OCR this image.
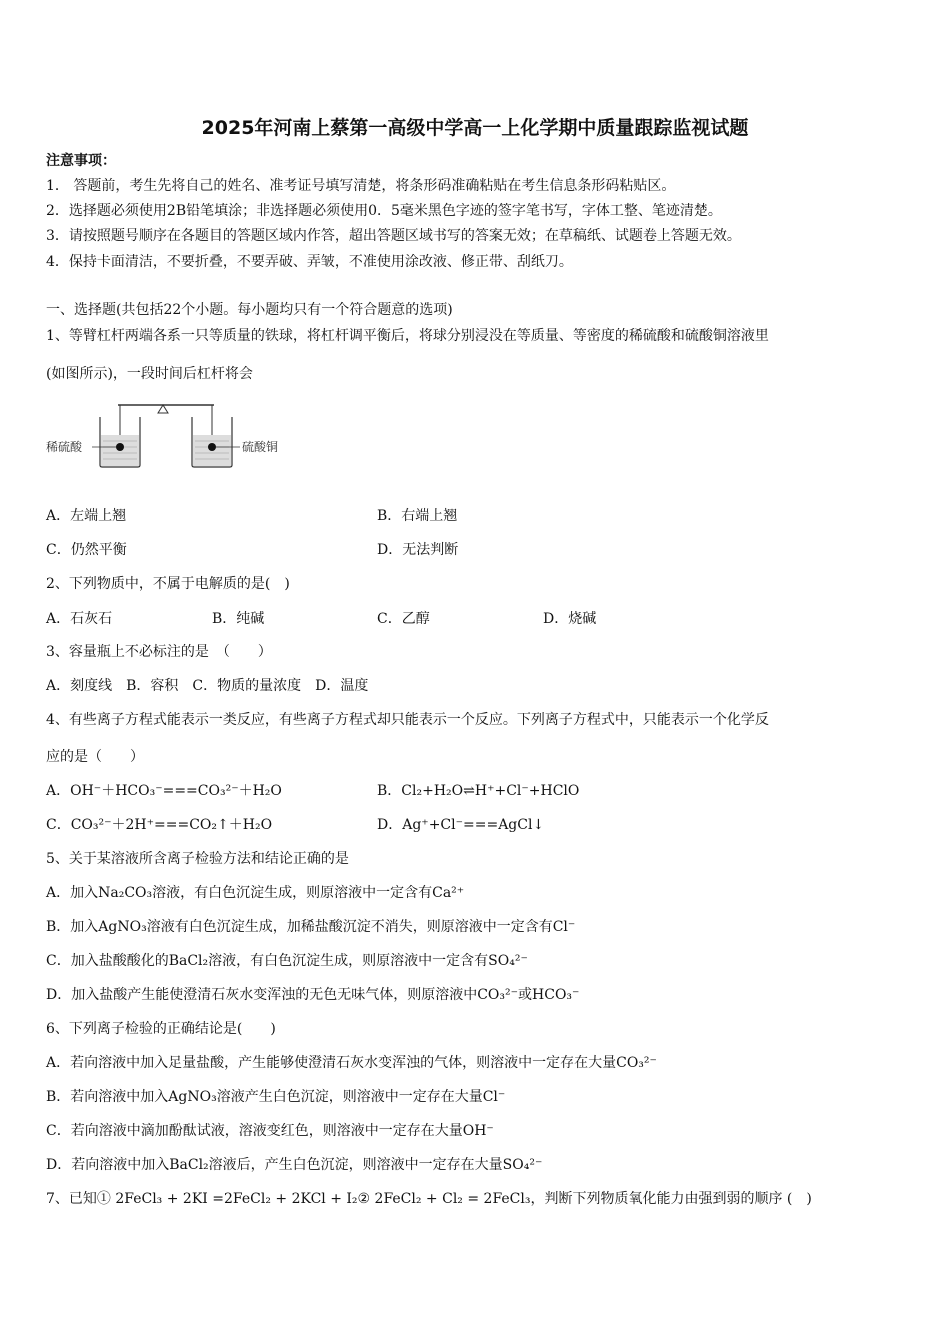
2025年河南上蔡第一高级中学高一上化学期中质量跟踪监视试题
注意事项：
1． 答题前，考生先将自己的姓名、准考证号填写清楚，将条形码准确粘贴在考生信息条形码粘贴区。
2．选择题必须使用2B铅笔填涂；非选择题必须使用0．5毫米黑色字迹的签字笔书写，字体工整、笔迹清楚。
3．请按照题号顺序在各题目的答题区域内作答，超出答题区域书写的答案无效；在草稿纸、试题卷上答题无效。
4．保持卡面清洁，不要折叠，不要弄破、弄皱，不准使用涂改液、修正带、刮纸刀。
一、选择题(共包括22个小题。每小题均只有一个符合题意的选项)
1、等臂杠杆两端各系一只等质量的铁球，将杠杆调平衡后，将球分别浸没在等质量、等密度的稀硫酸和硫酸铜溶液里
(如图所示)，一段时间后杠杆将会
稀硫酸	硫酸铜
A．左端上翘	B．右端上翘
C．仍然平衡	D．无法判断
2、下列物质中，不属于电解质的是(　)
A．石灰石	B．纯碱	C．乙醇	D．烧碱
3、容量瓶上不必标注的是　（　　）
A．刻度线　B．容积　C．物质的量浓度　D．温度
4、有些离子方程式能表示一类反应，有些离子方程式却只能表示一个反应。下列离子方程式中，只能表示一个化学反
应的是（　　）
A．OH⁻＋HCO₃⁻===CO₃²⁻＋H₂O	B．Cl₂+H₂O⇌H⁺+Cl⁻+HClO
C．CO₃²⁻＋2H⁺===CO₂↑＋H₂O	D．Ag⁺+Cl⁻===AgCl↓
5、关于某溶液所含离子检验方法和结论正确的是
A．加入Na₂CO₃溶液，有白色沉淀生成，则原溶液中一定含有Ca²⁺
B．加入AgNO₃溶液有白色沉淀生成，加稀盐酸沉淀不消失，则原溶液中一定含有Cl⁻
C．加入盐酸酸化的BaCl₂溶液，有白色沉淀生成，则原溶液中一定含有SO₄²⁻
D．加入盐酸产生能使澄清石灰水变浑浊的无色无味气体，则原溶液中CO₃²⁻或HCO₃⁻
6、下列离子检验的正确结论是(　　)
A．若向溶液中加入足量盐酸，产生能够使澄清石灰水变浑浊的气体，则溶液中一定存在大量CO₃²⁻
B．若向溶液中加入AgNO₃溶液产生白色沉淀，则溶液中一定存在大量Cl⁻
C．若向溶液中滴加酚酞试液，溶液变红色，则溶液中一定存在大量OH⁻
D．若向溶液中加入BaCl₂溶液后，产生白色沉淀，则溶液中一定存在大量SO₄²⁻
7、已知① 2FeCl₃ + 2KI =2FeCl₂ + 2KCl + I₂② 2FeCl₂ + Cl₂ = 2FeCl₃，判断下列物质氧化能力由强到弱的顺序 (　)
